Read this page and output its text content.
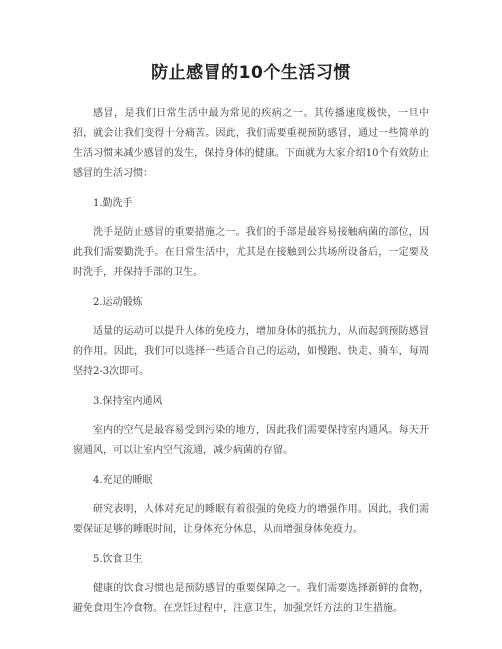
防止感冒的10个生活习惯

感冒，是我们日常生活中最为常见的疾病之一。其传播速度极快，一旦中招，就会让我们变得十分痛苦。因此，我们需要重视预防感冒，通过一些简单的生活习惯来减少感冒的发生，保持身体的健康。下面就为大家介绍10个有效防止感冒的生活习惯：

1.勤洗手

洗手是防止感冒的重要措施之一。我们的手部是最容易接触病菌的部位，因此我们需要勤洗手。在日常生活中，尤其是在接触到公共场所设备后，一定要及时洗手，并保持手部的卫生。

2.运动锻炼

适量的运动可以提升人体的免疫力，增加身体的抵抗力，从而起到预防感冒的作用。因此，我们可以选择一些适合自己的运动，如慢跑、快走、骑车，每周坚持2-3次即可。

3.保持室内通风

室内的空气是最容易受到污染的地方，因此我们需要保持室内通风。每天开窗通风，可以让室内空气流通，减少病菌的存留。

4.充足的睡眠

研究表明，人体对充足的睡眠有着很强的免疫力的增强作用。因此，我们需要保证足够的睡眠时间，让身体充分休息，从而增强身体免疫力。

5.饮食卫生

健康的饮食习惯也是预防感冒的重要保障之一。我们需要选择新鲜的食物，避免食用生冷食物。在烹饪过程中，注意卫生，加强烹饪方法的卫生措施。
